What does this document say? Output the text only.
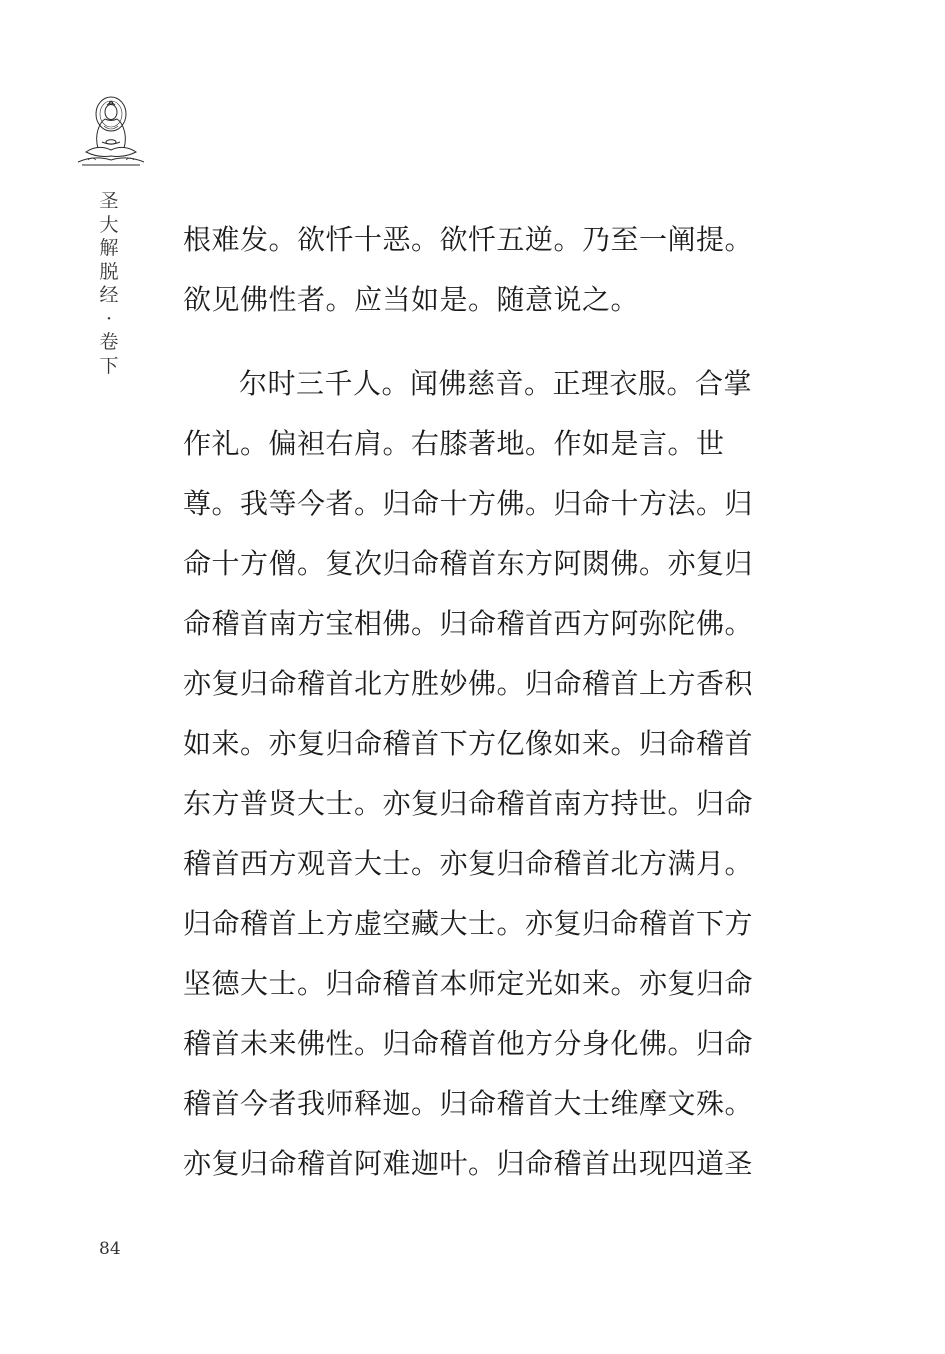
圣
大
解
脱
经
·
卷
下
根难发。欲忏十恶。欲忏五逆。乃至一阐提。
欲见佛性者。应当如是。随意说之。
尔时三千人。闻佛慈音。正理衣服。合掌
作礼。偏袒右肩。右膝著地。作如是言。世
尊。我等今者。归命十方佛。归命十方法。归
命十方僧。复次归命稽首东方阿閦佛。亦复归
命稽首南方宝相佛。归命稽首西方阿弥陀佛。
亦复归命稽首北方胜妙佛。归命稽首上方香积
如来。亦复归命稽首下方亿像如来。归命稽首
东方普贤大士。亦复归命稽首南方持世。归命
稽首西方观音大士。亦复归命稽首北方满月。
归命稽首上方虚空藏大士。亦复归命稽首下方
坚德大士。归命稽首本师定光如来。亦复归命
稽首未来佛性。归命稽首他方分身化佛。归命
稽首今者我师释迦。归命稽首大士维摩文殊。
亦复归命稽首阿难迦叶。归命稽首出现四道圣
84
